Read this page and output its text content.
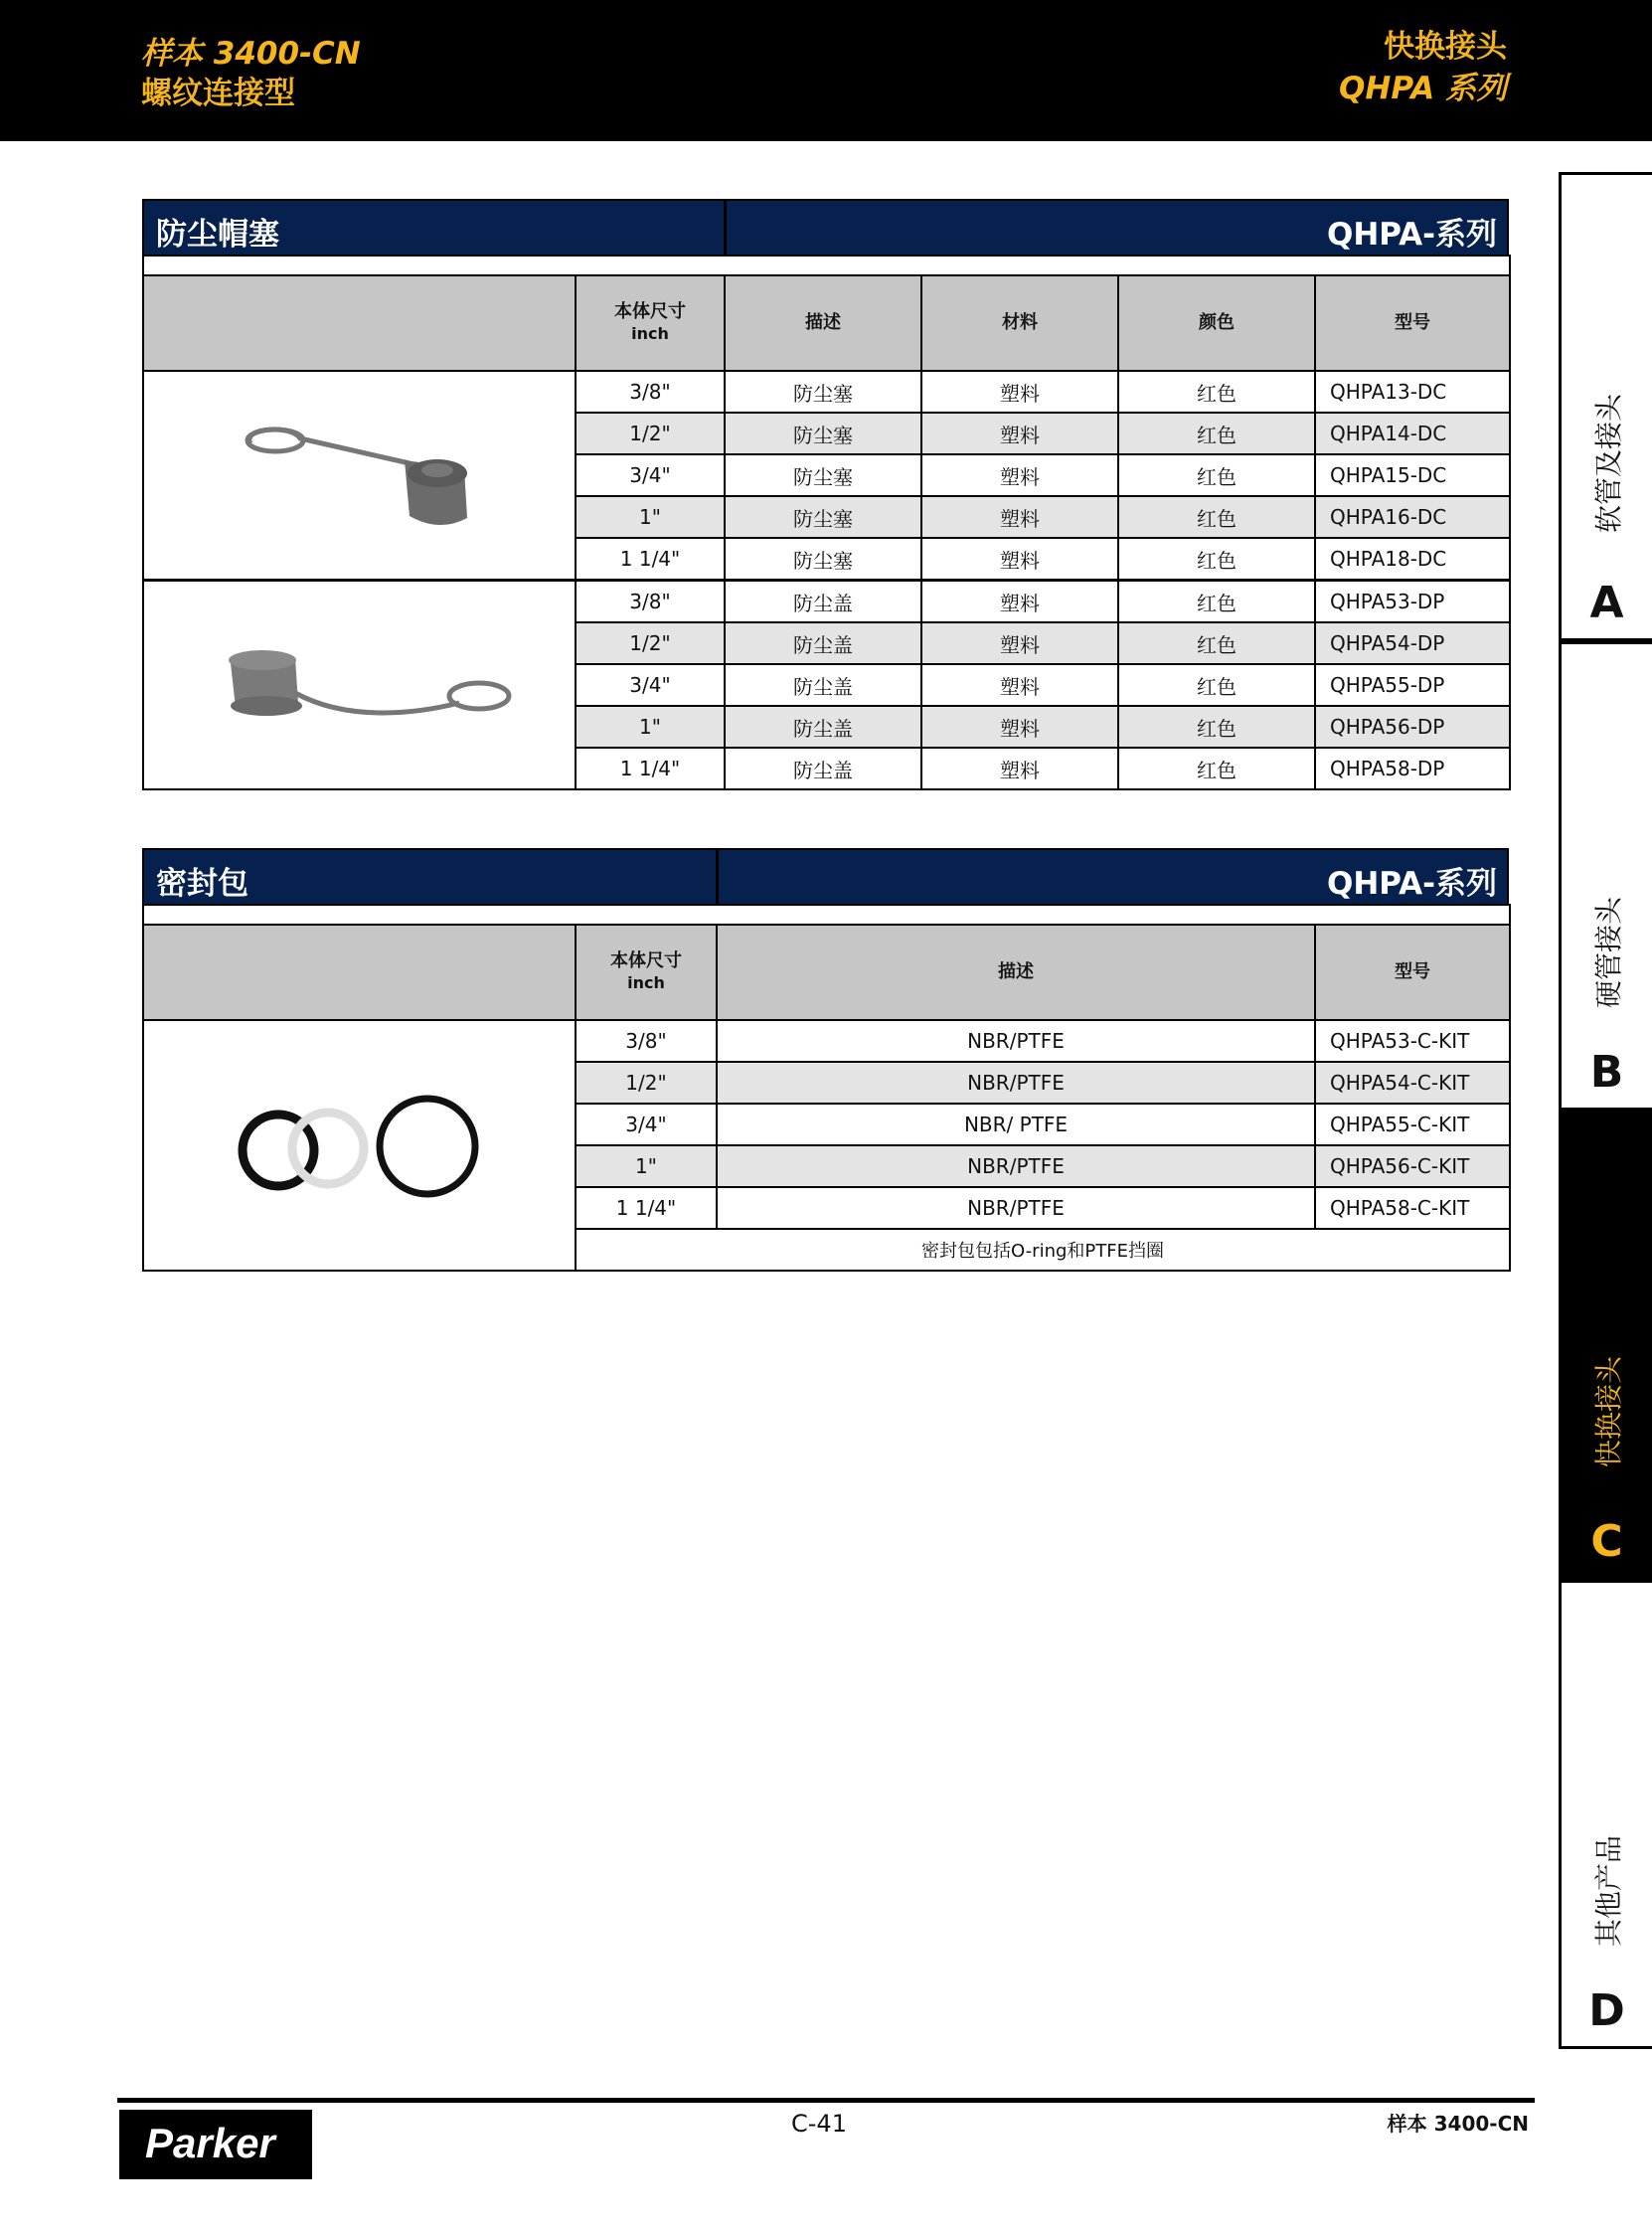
样本 3400-CN
螺纹连接型
快换接头
QHPA 系列
防尘帽塞	QHPA-系列

	本体尺寸
inch	描述	材料	颜色	型号
	3/8"	防尘塞	塑料	红色	QHPA13-DC
	1/2"	防尘塞	塑料	红色	QHPA14-DC
	3/4"	防尘塞	塑料	红色	QHPA15-DC
	1"	防尘塞	塑料	红色	QHPA16-DC
	1 1/4"	防尘塞	塑料	红色	QHPA18-DC
	3/8"	防尘盖	塑料	红色	QHPA53-DP
	1/2"	防尘盖	塑料	红色	QHPA54-DP
	3/4"	防尘盖	塑料	红色	QHPA55-DP
	1"	防尘盖	塑料	红色	QHPA56-DP
	1 1/4"	防尘盖	塑料	红色	QHPA58-DP
密封包	QHPA-系列

	本体尺寸
inch	描述	型号
	3/8"	NBR/PTFE	QHPA53-C-KIT
	1/2"	NBR/PTFE	QHPA54-C-KIT
	3/4"	NBR/ PTFE	QHPA55-C-KIT
	1"	NBR/PTFE	QHPA56-C-KIT
	1 1/4"	NBR/PTFE	QHPA58-C-KIT
	密封包包括O-ring和PTFE挡圈		
软管及接头
A
硬管接头
B
快换接头
C
其他产品
D
Parker	C-41	样本 3400-CN
